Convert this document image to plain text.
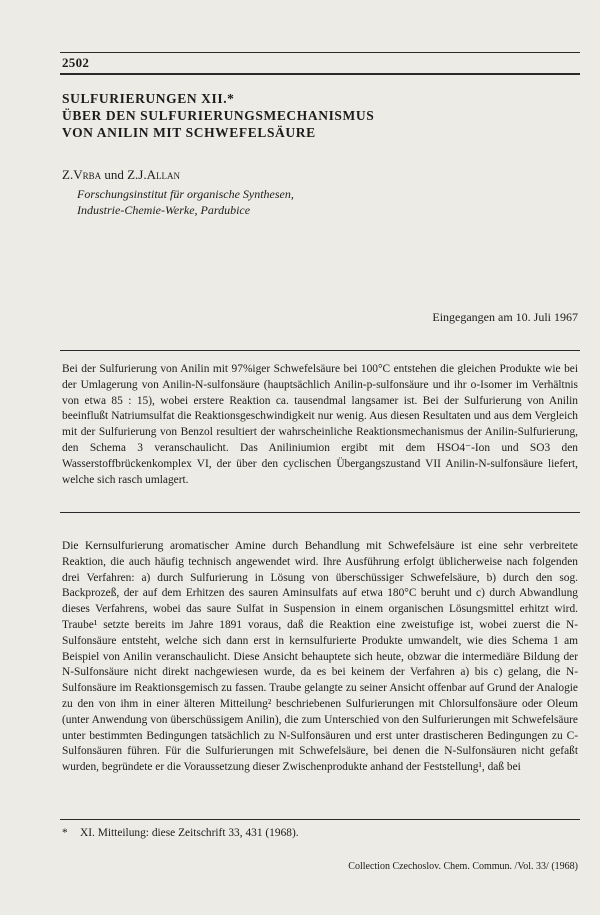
2502
SULFURIERUNGEN XII.*
ÜBER DEN SULFURIERUNGSMECHANISMUS
VON ANILIN MIT SCHWEFELSÄURE
Z.Vrba und Z.J.Allan
Forschungsinstitut für organische Synthesen,
Industrie-Chemie-Werke, Pardubice
Eingegangen am 10. Juli 1967

Bei der Sulfurierung von Anilin mit 97%iger Schwefelsäure bei 100°C entstehen die gleichen Produkte wie bei der Umlagerung von Anilin-N-sulfonsäure (hauptsächlich Anilin-p-sulfonsäure und ihr o-Isomer im Verhältnis von etwa 85 : 15), wobei erstere Reaktion ca. tausendmal langsamer ist. Bei der Sulfurierung von Anilin beeinflußt Natriumsulfat die Reaktionsgeschwindigkeit nur wenig. Aus diesen Resultaten und aus dem Vergleich mit der Sulfurierung von Benzol resultiert der wahrscheinliche Reaktionsmechanismus der Anilin-Sulfurierung, den Schema 3 veranschaulicht. Das Aniliniumion ergibt mit dem HSO4⁻-Ion und SO3 den Wasserstoffbrückenkomplex VI, der über den cyclischen Übergangszustand VII Anilin-N-sulfonsäure liefert, welche sich rasch umlagert.

Die Kernsulfurierung aromatischer Amine durch Behandlung mit Schwefelsäure ist eine sehr verbreitete Reaktion, die auch häufig technisch angewendet wird. Ihre Ausführung erfolgt üblicherweise nach folgenden drei Verfahren: a) durch Sulfurierung in Lösung von überschüssiger Schwefelsäure, b) durch den sog. Backprozeß, der auf dem Erhitzen des sauren Aminsulfats auf etwa 180°C beruht und c) durch Abwandlung dieses Verfahrens, wobei das saure Sulfat in Suspension in einem organischen Lösungsmittel erhitzt wird. Traube¹ setzte bereits im Jahre 1891 voraus, daß die Reaktion eine zweistufige ist, wobei zuerst die N-Sulfonsäure entsteht, welche sich dann erst in kernsulfurierte Produkte umwandelt, wie dies Schema 1 am Beispiel von Anilin veranschaulicht. Diese Ansicht behauptete sich heute, obzwar die intermediäre Bildung der N-Sulfonsäure nicht direkt nachgewiesen wurde, da es bei keinem der Verfahren a) bis c) gelang, die N-Sulfonsäure im Reaktionsgemisch zu fassen. Traube gelangte zu seiner Ansicht offenbar auf Grund der Analogie zu den von ihm in einer älteren Mitteilung² beschriebenen Sulfurierungen mit Chlorsulfonsäure oder Oleum (unter Anwendung von überschüssigem Anilin), die zum Unterschied von den Sulfurierungen mit Schwefelsäure unter bestimmten Bedingungen tatsächlich zu N-Sulfonsäuren und erst unter drastischeren Bedingungen zu C-Sulfonsäuren führen. Für die Sulfurierungen mit Schwefelsäure, bei denen die N-Sulfonsäuren nicht gefaßt wurden, begründete er die Voraussetzung dieser Zwischenprodukte anhand der Feststellung¹, daß bei

* XI. Mitteilung: diese Zeitschrift 33, 431 (1968).
Collection Czechoslov. Chem. Commun. /Vol. 33/ (1968)
